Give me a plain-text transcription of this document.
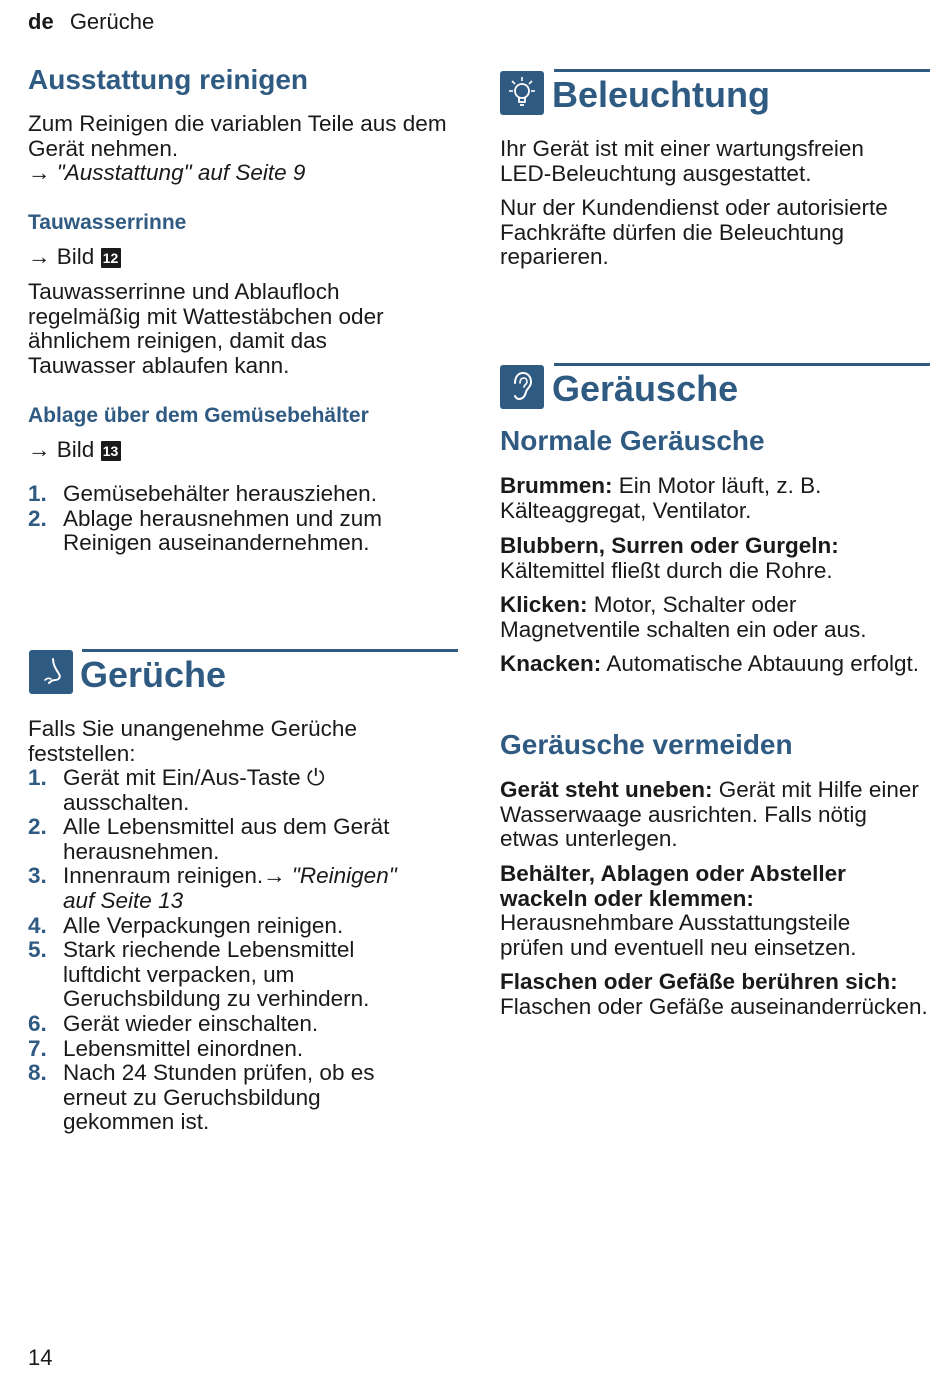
de Gerüche
Ausstattung reinigen
Zum Reinigen die variablen Teile aus dem Gerät nehmen.
→ "Ausstattung" auf Seite 9
Tauwasserrinne
→ Bild 12
Tauwasserrinne und Ablaufloch regelmäßig mit Wattestäbchen oder ähnlichem reinigen, damit das Tauwasser ablaufen kann.
Ablage über dem Gemüsebehälter
→ Bild 13
1. Gemüsebehälter herausziehen.
2. Ablage herausnehmen und zum Reinigen auseinandernehmen.
Gerüche
Falls Sie unangenehme Gerüche feststellen:
1. Gerät mit Ein/Aus-Taste ⏻ ausschalten.
2. Alle Lebensmittel aus dem Gerät herausnehmen.
3. Innenraum reinigen.→ "Reinigen" auf Seite 13
4. Alle Verpackungen reinigen.
5. Stark riechende Lebensmittel luftdicht verpacken, um Geruchsbildung zu verhindern.
6. Gerät wieder einschalten.
7. Lebensmittel einordnen.
8. Nach 24 Stunden prüfen, ob es erneut zu Geruchsbildung gekommen ist.
Beleuchtung
Ihr Gerät ist mit einer wartungsfreien LED-Beleuchtung ausgestattet.
Nur der Kundendienst oder autorisierte Fachkräfte dürfen die Beleuchtung reparieren.
Geräusche
Normale Geräusche
Brummen: Ein Motor läuft, z. B. Kälteaggregat, Ventilator.
Blubbern, Surren oder Gurgeln: Kältemittel fließt durch die Rohre.
Klicken: Motor, Schalter oder Magnetventile schalten ein oder aus.
Knacken: Automatische Abtauung erfolgt.
Geräusche vermeiden
Gerät steht uneben: Gerät mit Hilfe einer Wasserwaage ausrichten. Falls nötig etwas unterlegen.
Behälter, Ablagen oder Absteller wackeln oder klemmen: Herausnehmbare Ausstattungsteile prüfen und eventuell neu einsetzen.
Flaschen oder Gefäße berühren sich: Flaschen oder Gefäße auseinanderrücken.
14
